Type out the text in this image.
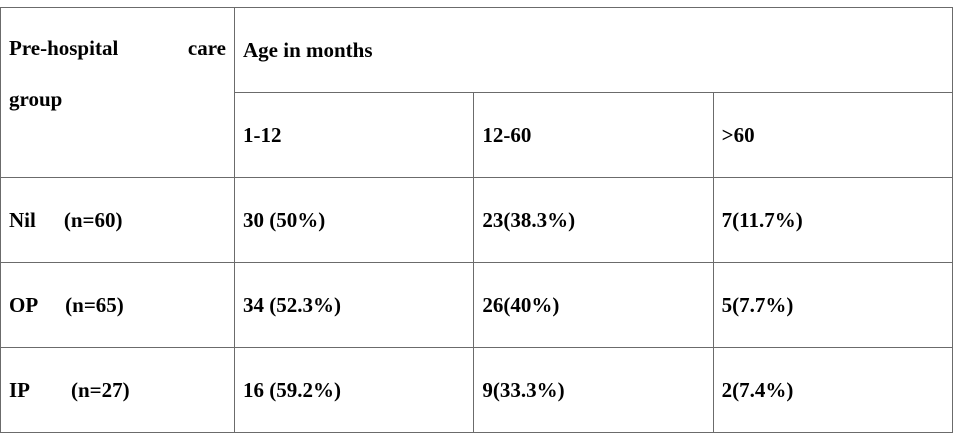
Pre-hospital care
group	Age in months		
	1-12	12-60	>60

Nil (n=60)	30 (50%)	23(38.3%)	7(11.7%)

OP (n=65)	34 (52.3%)	26(40%)	5(7.7%)

IP (n=27)	16 (59.2%)	9(33.3%)	2(7.4%)
